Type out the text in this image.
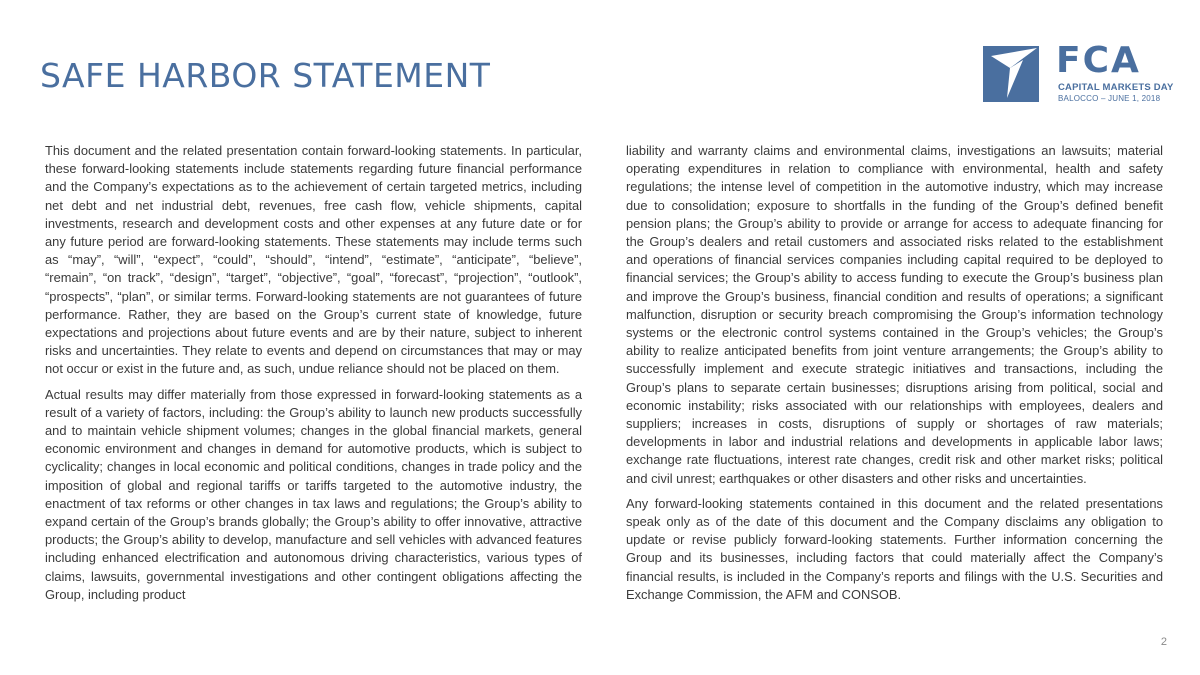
SAFE HARBOR STATEMENT	FCA
CAPITAL MARKETS DAY
BALOCCO – JUNE 1, 2018

This document and the related presentation contain forward-looking statements. In particular, these forward-looking statements include statements regarding future financial performance and the Company’s expectations as to the achievement of certain targeted metrics, including net debt and net industrial debt, revenues, free cash flow, vehicle shipments, capital investments, research and development costs and other expenses at any future date or for any future period are forward-looking statements. These statements may include terms such as “may”, “will”, “expect”, “could”, “should”, “intend”, “estimate”, “anticipate”, “believe”, “remain”, “on track”, “design”, “target”, “objective”, “goal”, “forecast”, “projection”, “outlook”, “prospects”, “plan”, or similar terms. Forward-looking statements are not guarantees of future performance. Rather, they are based on the Group’s current state of knowledge, future expectations and projections about future events and are by their nature, subject to inherent risks and uncertainties. They relate to events and depend on circumstances that may or may not occur or exist in the future and, as such, undue reliance should not be placed on them.

Actual results may differ materially from those expressed in forward-looking statements as a result of a variety of factors, including: the Group’s ability to launch new products successfully and to maintain vehicle shipment volumes; changes in the global financial markets, general economic environment and changes in demand for automotive products, which is subject to cyclicality; changes in local economic and political conditions, changes in trade policy and the imposition of global and regional tariffs or tariffs targeted to the automotive industry, the enactment of tax reforms or other changes in tax laws and regulations; the Group’s ability to expand certain of the Group’s brands globally; the Group’s ability to offer innovative, attractive products; the Group’s ability to develop, manufacture and sell vehicles with advanced features including enhanced electrification and autonomous driving characteristics, various types of claims, lawsuits, governmental investigations and other contingent obligations affecting the Group, including product

liability and warranty claims and environmental claims, investigations an lawsuits; material operating expenditures in relation to compliance with environmental, health and safety regulations; the intense level of competition in the automotive industry, which may increase due to consolidation; exposure to shortfalls in the funding of the Group’s defined benefit pension plans; the Group’s ability to provide or arrange for access to adequate financing for the Group’s dealers and retail customers and associated risks related to the establishment and operations of financial services companies including capital required to be deployed to financial services; the Group’s ability to access funding to execute the Group’s business plan and improve the Group’s business, financial condition and results of operations; a significant malfunction, disruption or security breach compromising the Group’s information technology systems or the electronic control systems contained in the Group’s vehicles; the Group’s ability to realize anticipated benefits from joint venture arrangements; the Group’s ability to successfully implement and execute strategic initiatives and transactions, including the Group’s plans to separate certain businesses; disruptions arising from political, social and economic instability; risks associated with our relationships with employees, dealers and suppliers; increases in costs, disruptions of supply or shortages of raw materials; developments in labor and industrial relations and developments in applicable labor laws; exchange rate fluctuations, interest rate changes, credit risk and other market risks; political and civil unrest; earthquakes or other disasters and other risks and uncertainties.

Any forward-looking statements contained in this document and the related presentations speak only as of the date of this document and the Company disclaims any obligation to update or revise publicly forward-looking statements. Further information concerning the Group and its businesses, including factors that could materially affect the Company’s financial results, is included in the Company’s reports and filings with the U.S. Securities and Exchange Commission, the AFM and CONSOB.

2
